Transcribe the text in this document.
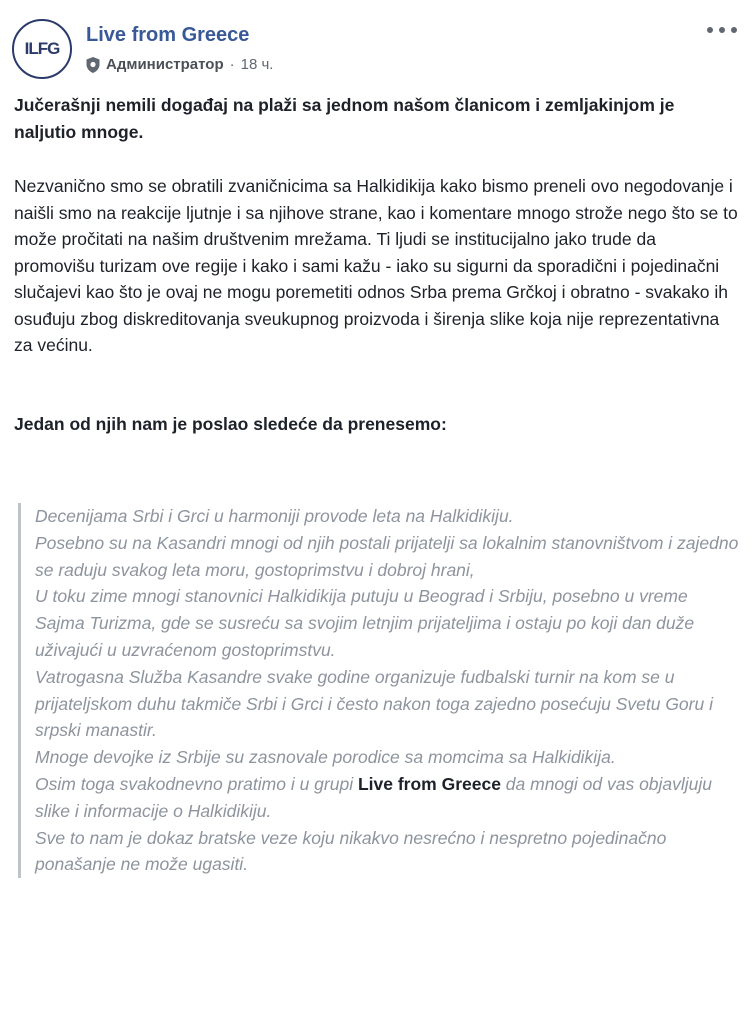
ILFG
Live from Greece
Администратор · 18 ч.

Jučerašnji nemili događaj na plaži sa jednom našom članicom i zemljakinjom je naljutio mnoge.

Nezvanično smo se obratili zvaničnicima sa Halkidikija kako bismo preneli ovo negodovanje i naišli smo na reakcije ljutnje i sa njihove strane, kao i komentare mnogo strože nego što se to može pročitati na našim društvenim mrežama. Ti ljudi se institucijalno jako trude da promovišu turizam ove regije i kako i sami kažu - iako su sigurni da sporadični i pojedinačni slučajevi kao što je ovaj ne mogu poremetiti odnos Srba prema Grčkoj i obratno - svakako ih osuđuju zbog diskreditovanja sveukupnog proizvoda i širenja slike koja nije reprezentativna za većinu.

Jedan od njih nam je poslao sledeće da prenesemo:

Decenijama Srbi i Grci u harmoniji provode leta na Halkidikiju.
Posebno su na Kasandri mnogi od njih postali prijatelji sa lokalnim stanovništvom i zajedno se raduju svakog leta moru, gostoprimstvu i dobroj hrani,
U toku zime mnogi stanovnici Halkidikija putuju u Beograd i Srbiju, posebno u vreme Sajma Turizma, gde se susreću sa svojim letnjim prijateljima i ostaju po koji dan duže uživajući u uzvraćenom gostoprimstvu.
Vatrogasna Služba Kasandre svake godine organizuje fudbalski turnir na kom se u prijateljskom duhu takmiče Srbi i Grci i često nakon toga zajedno posećuju Svetu Goru i srpski manastir.
Mnoge devojke iz Srbije su zasnovale porodice sa momcima sa Halkidikija.
Osim toga svakodnevno pratimo i u grupi Live from Greece da mnogi od vas objavljuju slike i informacije o Halkidikiju.
Sve to nam je dokaz bratske veze koju nikakvo nesrećno i nespretno pojedinačno ponašanje ne može ugasiti.
